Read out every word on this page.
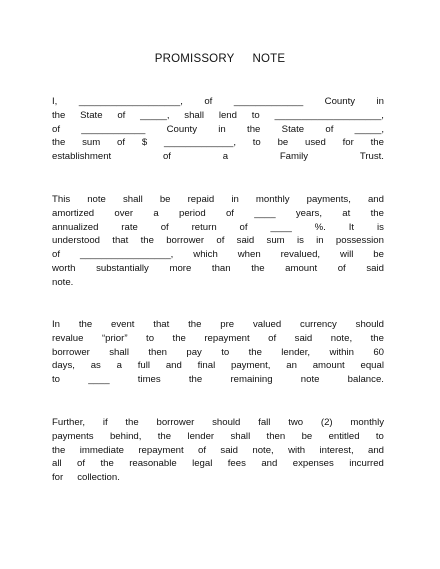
PROMISSORY NOTE
I, ___________________, of _____________ County in
the State of _____, shall lend to ____________________,
of ____________ County in the State of _____,
the sum of $ _____________, to be used for the
establishment	of	a	Family	Trust.
This note shall be repaid in monthly payments, and
amortized over a period of ____ years, at the
annualized rate of return of ____ %. It is
understood that the borrower of said sum is in possession
of _________________, which when revalued, will be
worth substantially more than the amount of said
note.
In the event that the pre valued currency should
revalue “prior” to the repayment of said note, the
borrower shall then pay to the lender, within 60
days, as a full and final payment, an amount equal
to	____	times	the	remaining	note	balance.
Further, if the borrower should fall two (2) monthly
payments behind, the lender shall then be entitled to
the immediate repayment of said note, with interest, and
all of the reasonable legal fees and expenses incurred
for collection.
